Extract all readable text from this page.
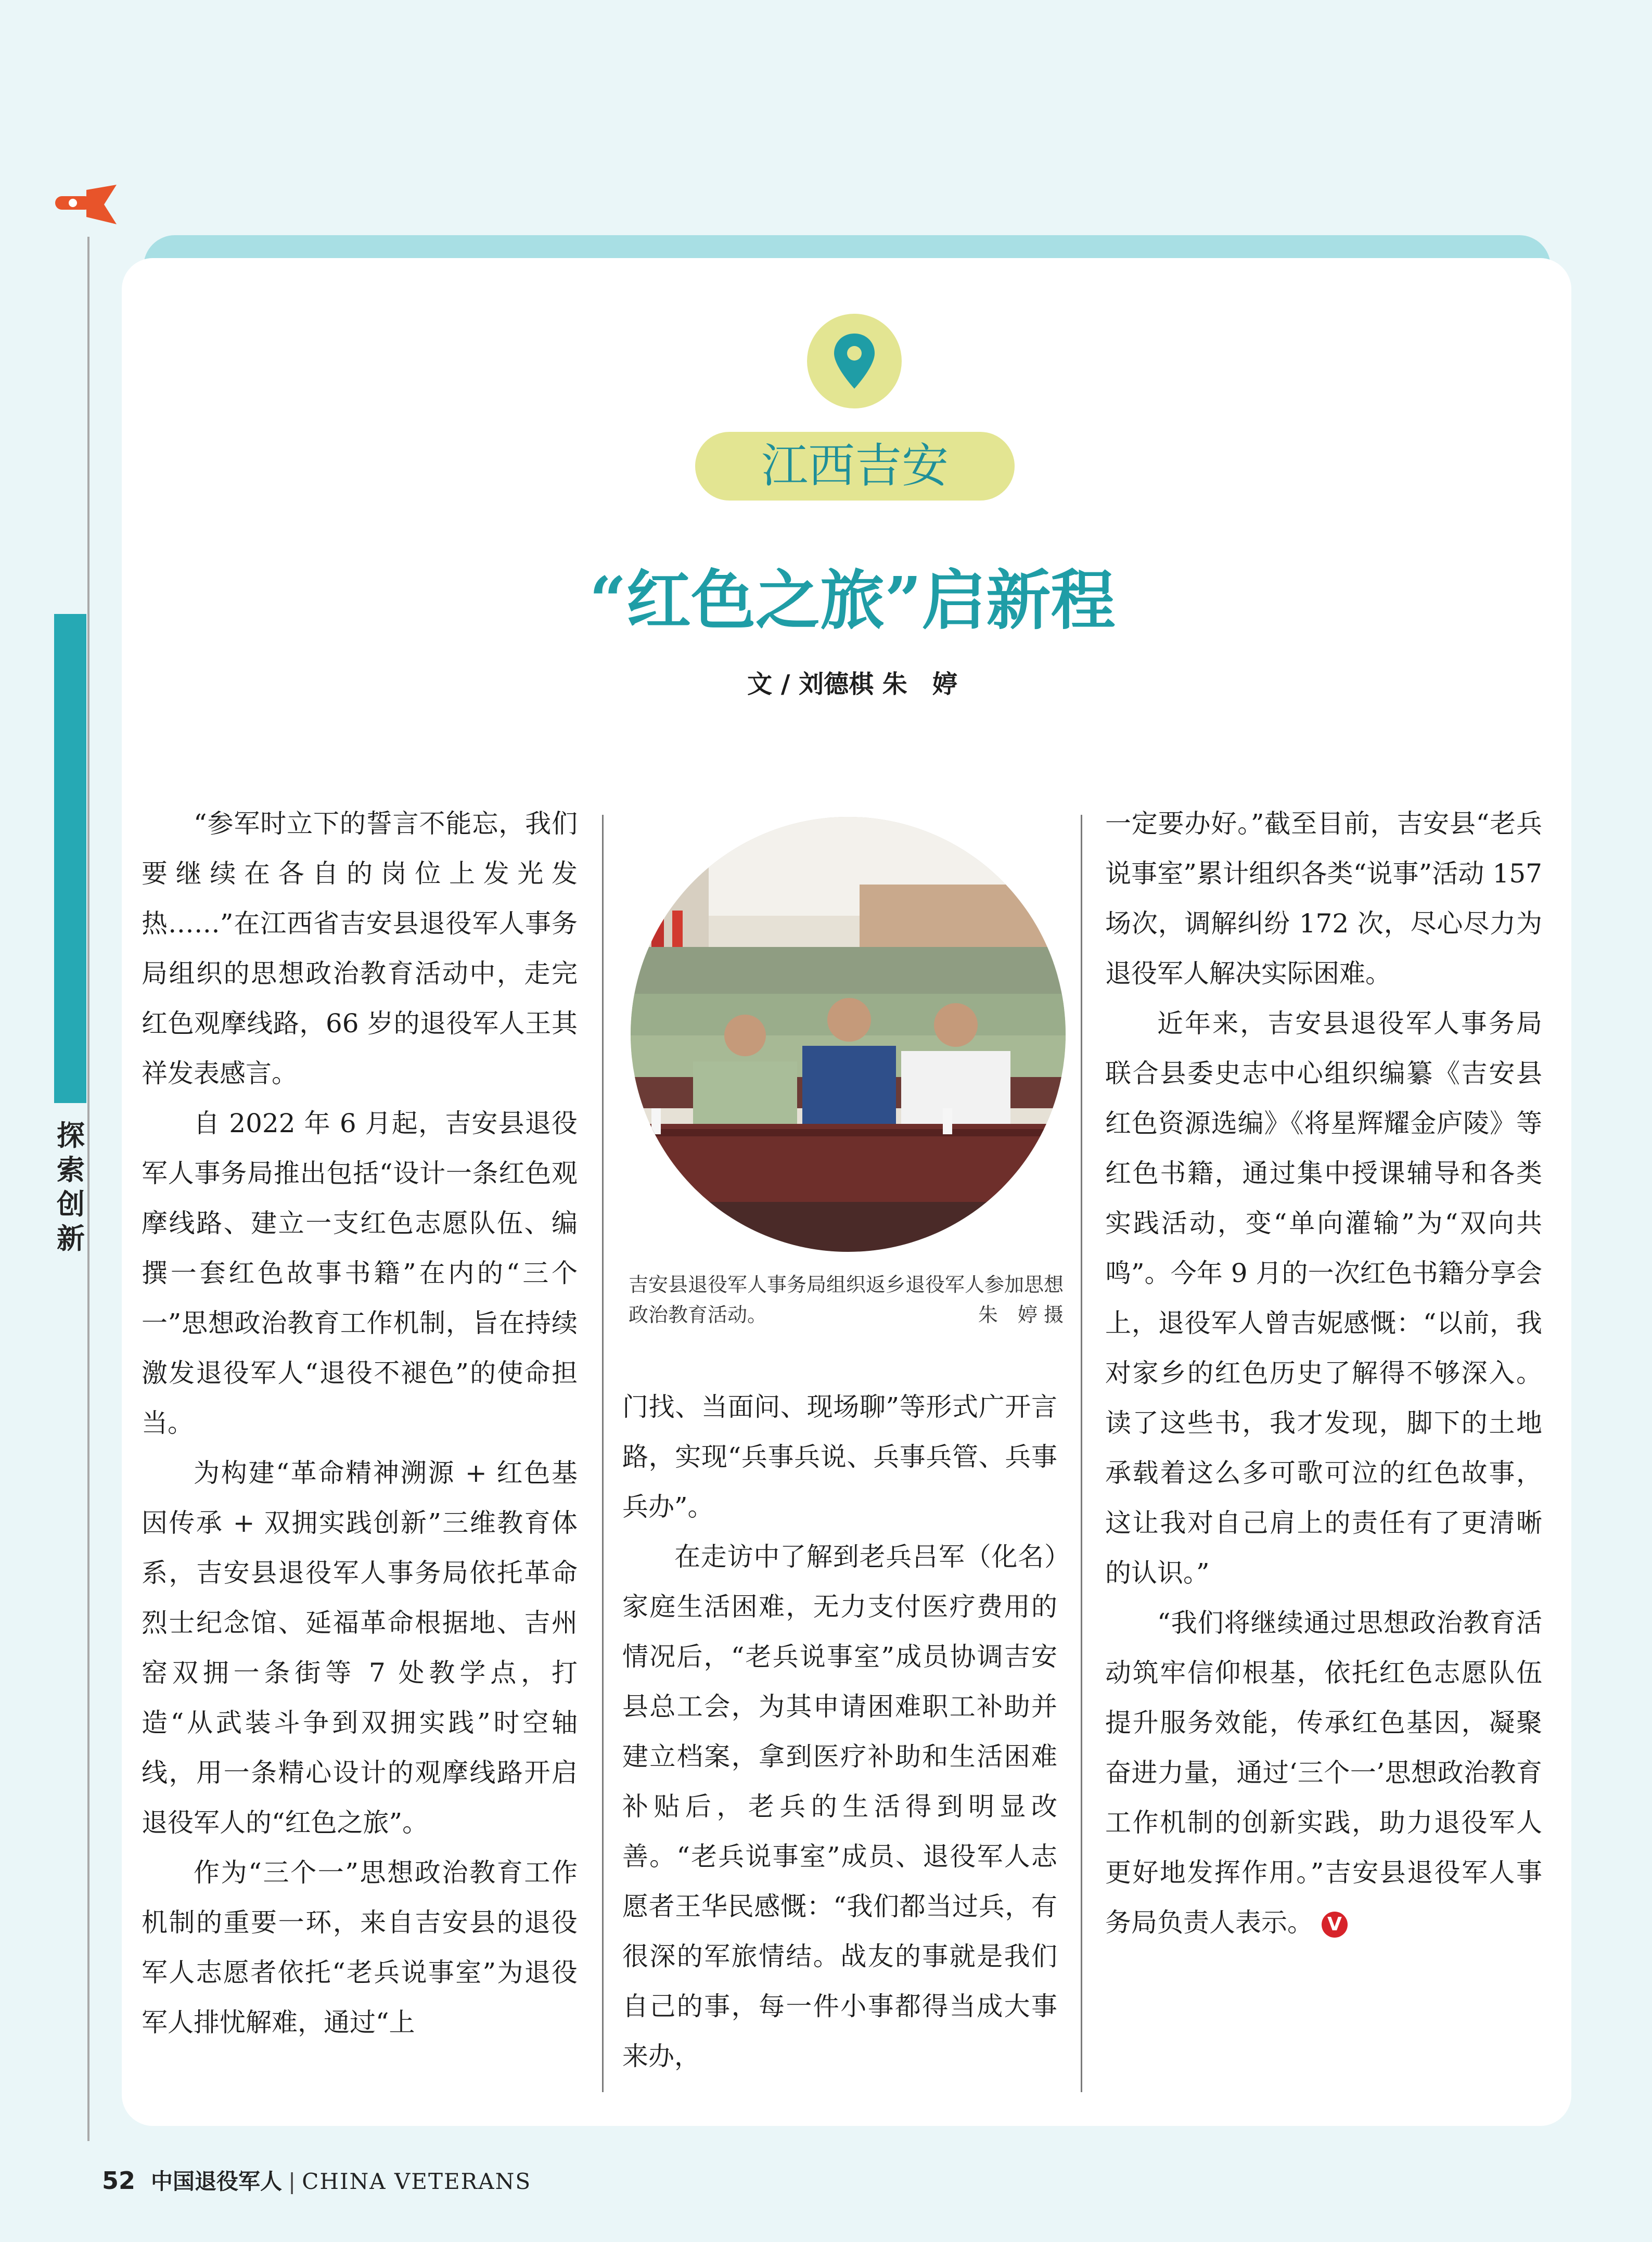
探索创新
江西吉安
“红色之旅”启新程
文 / 刘德棋 朱　婷

“参军时立下的誓言不能忘，我们要继续在各自的岗位上发光发热……”在江西省吉安县退役军人事务局组织的思想政治教育活动中，走完红色观摩线路，66 岁的退役军人王其祥发表感言。

自 2022 年 6 月起，吉安县退役军人事务局推出包括“设计一条红色观摩线路、建立一支红色志愿队伍、编撰一套红色故事书籍”在内的“三个一”思想政治教育工作机制，旨在持续激发退役军人“退役不褪色”的使命担当。

为构建“革命精神溯源 + 红色基因传承 + 双拥实践创新”三维教育体系，吉安县退役军人事务局依托革命烈士纪念馆、延福革命根据地、吉州窑双拥一条街等 7 处教学点，打造“从武装斗争到双拥实践”时空轴线，用一条精心设计的观摩线路开启退役军人的“红色之旅”。

作为“三个一”思想政治教育工作机制的重要一环，来自吉安县的退役军人志愿者依托“老兵说事室”为退役军人排忧解难，通过“上

吉安县退役军人事务局组织返乡退役军人参加思想政治教育活动。	朱　婷 摄

门找、当面问、现场聊”等形式广开言路，实现“兵事兵说、兵事兵管、兵事兵办”。

在走访中了解到老兵吕军（化名）家庭生活困难，无力支付医疗费用的情况后，“老兵说事室”成员协调吉安县总工会，为其申请困难职工补助并建立档案，拿到医疗补助和生活困难补贴后，老兵的生活得到明显改善。“老兵说事室”成员、退役军人志愿者王华民感慨：“我们都当过兵，有很深的军旅情结。战友的事就是我们自己的事，每一件小事都得当成大事来办，

一定要办好。”截至目前，吉安县“老兵说事室”累计组织各类“说事”活动 157 场次，调解纠纷 172 次，尽心尽力为退役军人解决实际困难。

近年来，吉安县退役军人事务局联合县委史志中心组织编纂《吉安县红色资源选编》《将星辉耀金庐陵》等红色书籍，通过集中授课辅导和各类实践活动，变“单向灌输”为“双向共鸣”。今年 9 月的一次红色书籍分享会上，退役军人曾吉妮感慨：“以前，我对家乡的红色历史了解得不够深入。读了这些书，我才发现，脚下的土地承载着这么多可歌可泣的红色故事，这让我对自己肩上的责任有了更清晰的认识。”

“我们将继续通过思想政治教育活动筑牢信仰根基，依托红色志愿队伍提升服务效能，传承红色基因，凝聚奋进力量，通过‘三个一’思想政治教育工作机制的创新实践，助力退役军人更好地发挥作用。”吉安县退役军人事务局负责人表示。 V

52 中国退役军人 | CHINA VETERANS
